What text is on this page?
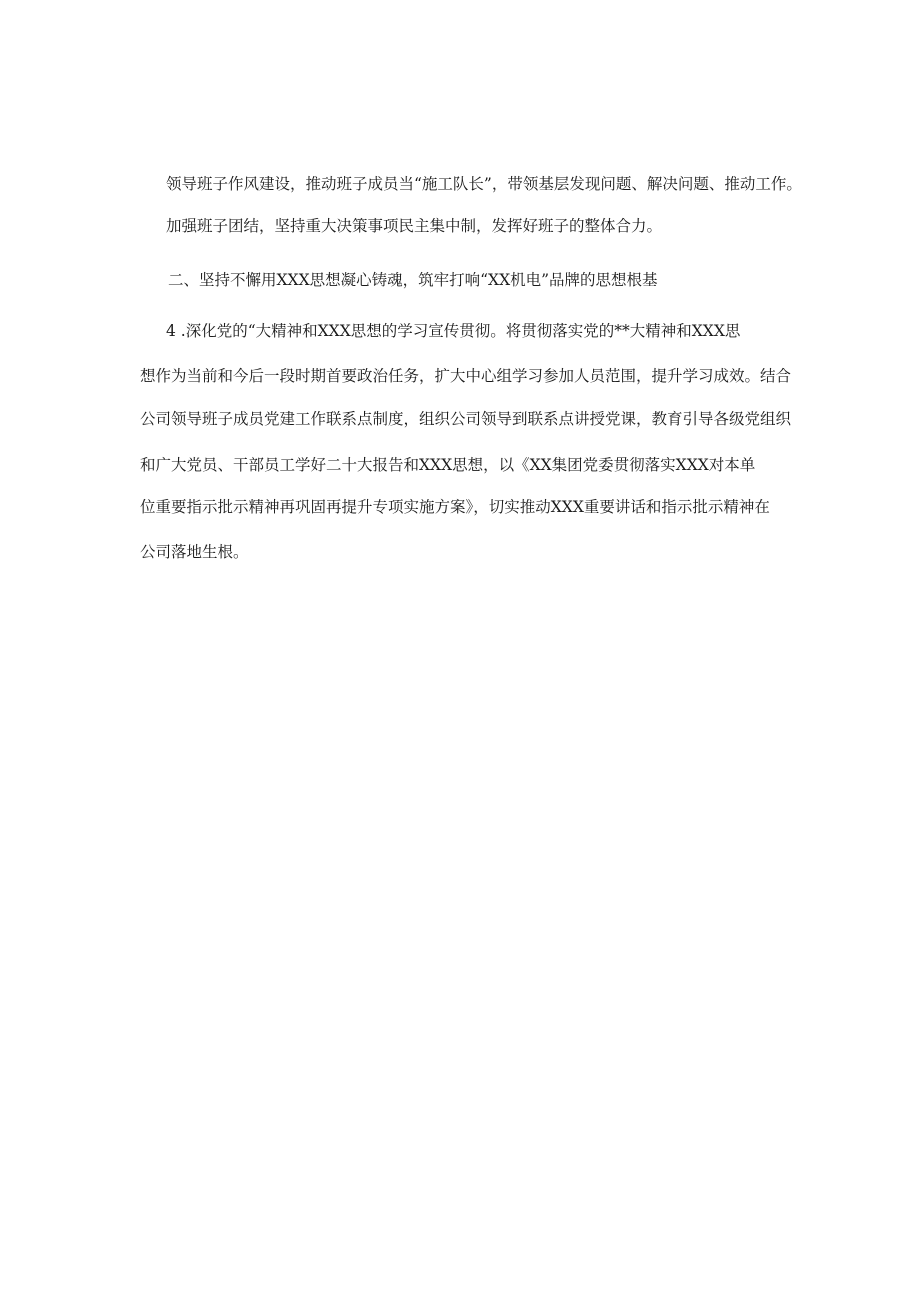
领导班子作风建设，推动班子成员当“施工队长”，带领基层发现问题、解决问题、推动工作。
加强班子团结，坚持重大决策事项民主集中制，发挥好班子的整体合力。
二、坚持不懈用XXX思想凝心铸魂，筑牢打响“XX机电”品牌的思想根基
4 .深化党的“大精神和XXX思想的学习宣传贯彻。将贯彻落实党的**大精神和XXX思
想作为当前和今后一段时期首要政治任务，扩大中心组学习参加人员范围，提升学习成效。结合
公司领导班子成员党建工作联系点制度，组织公司领导到联系点讲授党课，教育引导各级党组织
和广大党员、干部员工学好二十大报告和XXX思想，以《XX集团党委贯彻落实XXX对本单
位重要指示批示精神再巩固再提升专项实施方案》，切实推动XXX重要讲话和指示批示精神在
公司落地生根。
